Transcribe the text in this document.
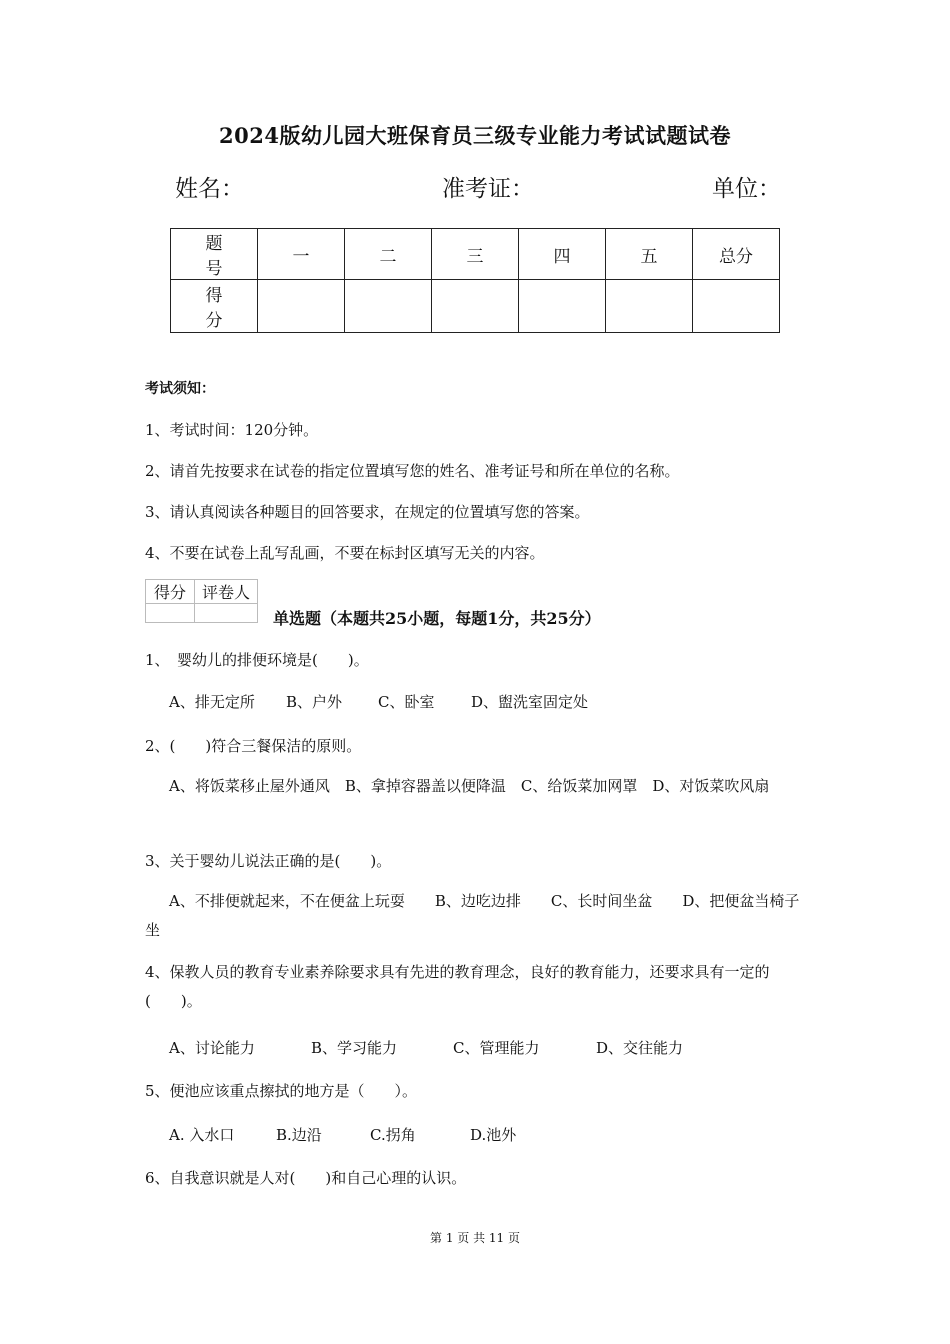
2024版幼儿园大班保育员三级专业能力考试试题试卷
姓名：	准考证：	单位：
题 号	一	二	三	四	五	总分
得 分						
考试须知：
1、考试时间：120分钟。
2、请首先按要求在试卷的指定位置填写您的姓名、准考证号和所在单位的名称。
3、请认真阅读各种题目的回答要求，在规定的位置填写您的答案。
4、不要在试卷上乱写乱画，不要在标封区填写无关的内容。
得分	评卷人

单选题（本题共25小题，每题1分，共25分）
1、　婴幼儿的排便环境是(　　)。
A、排无定所 B、户外 C、卧室 D、盥洗室固定处
2、(　　)符合三餐保洁的原则。
A、将饭菜移止屋外通风　B、拿掉容器盖以便降温　C、给饭菜加网罩　D、对饭菜吹风扇
3、关于婴幼儿说法正确的是(　　)。
A、不排便就起来，不在便盆上玩耍　　B、边吃边排　　C、长时间坐盆　　D、把便盆当椅子坐
4、保教人员的教育专业素养除要求具有先进的教育理念，良好的教育能力，还要求具有一定的(　　)。
A、讨论能力	B、学习能力	C、管理能力	D、交往能力
5、便池应该重点擦拭的地方是（　　）。
A. 入水口	B.边沿	C.拐角	D.池外
6、自我意识就是人对(　　)和自己心理的认识。
第 1 页 共 11 页
